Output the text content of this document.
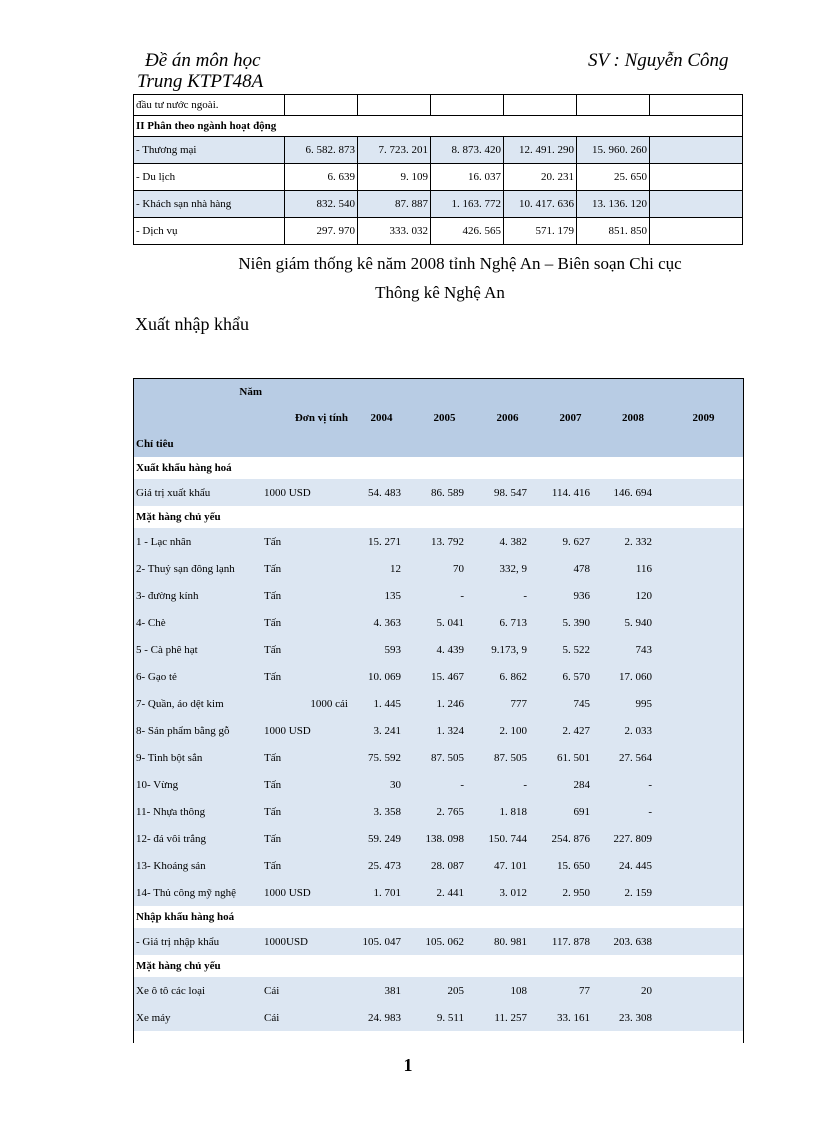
Đề án môn học
Trung KTPT48A
SV : Nguyễn Công
đầu tư nước ngoài.						
II Phân theo ngành hoạt động						
- Thương mại	6. 582. 873	7. 723. 201	8. 873. 420	12. 491. 290	15. 960. 260	
- Du lịch	6. 639	9. 109	16. 037	20. 231	25. 650	
- Khách sạn nhà hàng	832. 540	87. 887	1. 163. 772	10. 417. 636	13. 136. 120	
- Dịch vụ	297. 970	333. 032	426. 565	571. 179	851. 850	
Niên giám thống kê năm 2008 tỉnh Nghệ An – Biên soạn Chi cục
Thông kê Nghệ An
Xuất nhập khẩu
Năm							
	Đơn vị tính	2004	2005	2006	2007	2008	2009
Chỉ tiêu							
Xuất khẩu hàng hoá							
Giá trị xuất khẩu	1000 USD	54. 483	86. 589	98. 547	114. 416	146. 694	
Mặt hàng chủ yếu							
1 - Lạc nhân	Tấn	15. 271	13. 792	4. 382	9. 627	2. 332	
2- Thuỷ sạn đông lạnh	Tấn	12	70	332, 9	478	116	
3- đường kính	Tấn	135	-	-	936	120	
4- Chè	Tấn	4. 363	5. 041	6. 713	5. 390	5. 940	
5 - Cà phê hạt	Tấn	593	4. 439	9.173, 9	5. 522	743	
6- Gạo tẻ	Tấn	10. 069	15. 467	6. 862	6. 570	17. 060	
7- Quần, áo dệt kim	1000 cái	1. 445	1. 246	777	745	995	
8- Sản phẩm bằng gỗ	1000 USD	3. 241	1. 324	2. 100	2. 427	2. 033	
9- Tinh bột sắn	Tấn	75. 592	87. 505	87. 505	61. 501	27. 564	
10- Vừng	Tấn	30	-	-	284	-	
11- Nhựa thông	Tấn	3. 358	2. 765	1. 818	691	-	
12- đá vôi trắng	Tấn	59. 249	138. 098	150. 744	254. 876	227. 809	
13- Khoáng sản	Tấn	25. 473	28. 087	47. 101	15. 650	24. 445	
14- Thủ công mỹ nghệ	1000 USD	1. 701	2. 441	3. 012	2. 950	2. 159	
Nhập khẩu hàng hoá							
- Giá trị nhập khẩu	1000USD	105. 047	105. 062	80. 981	117. 878	203. 638	
Mặt hàng chủ yếu							
Xe ô tô các loại	Cái	381	205	108	77	20	
Xe máy	Cái	24. 983	9. 511	11. 257	33. 161	23. 308	
1
